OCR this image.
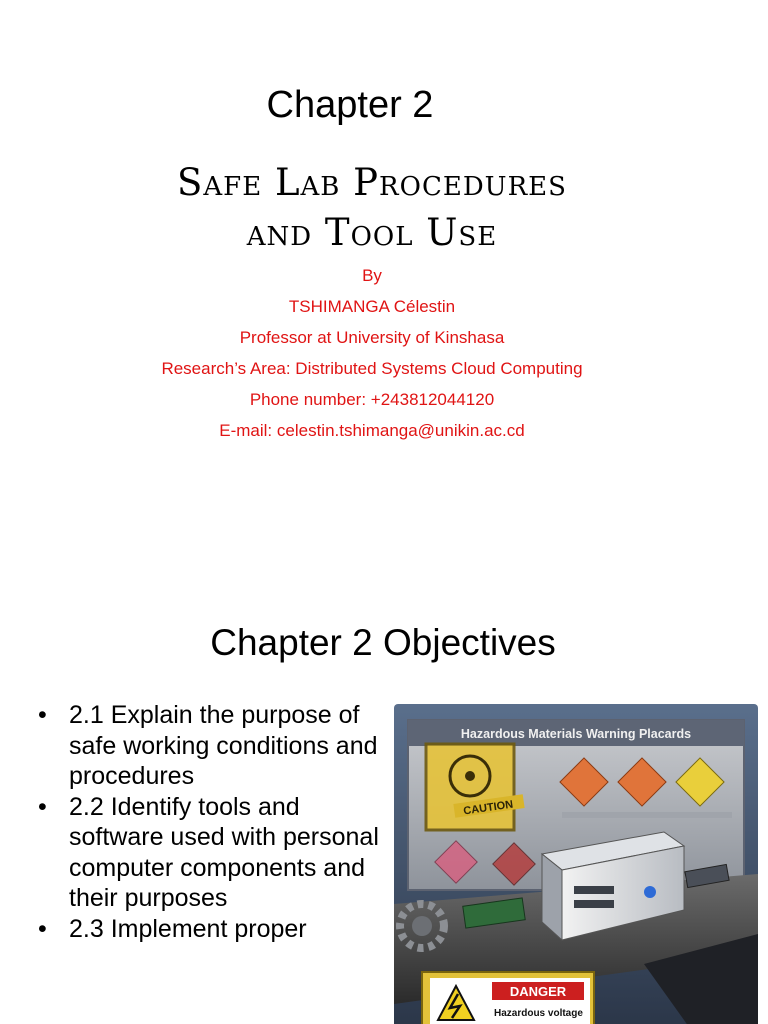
Chapter 2
Safe Lab Procedures
and Tool Use
By
TSHIMANGA Célestin
Professor at University of Kinshasa
Research’s Area: Distributed Systems Cloud Computing
Phone number: +243812044120
E-mail: celestin.tshimanga@unikin.ac.cd
Chapter 2 Objectives
• 2.1 Explain the purpose of safe working conditions and procedures
• 2.2 Identify tools and software used with personal computer components and their purposes
• 2.3 Implement proper
Hazardous Materials Warning Placards
CAUTION
DANGER
Hazardous voltage
